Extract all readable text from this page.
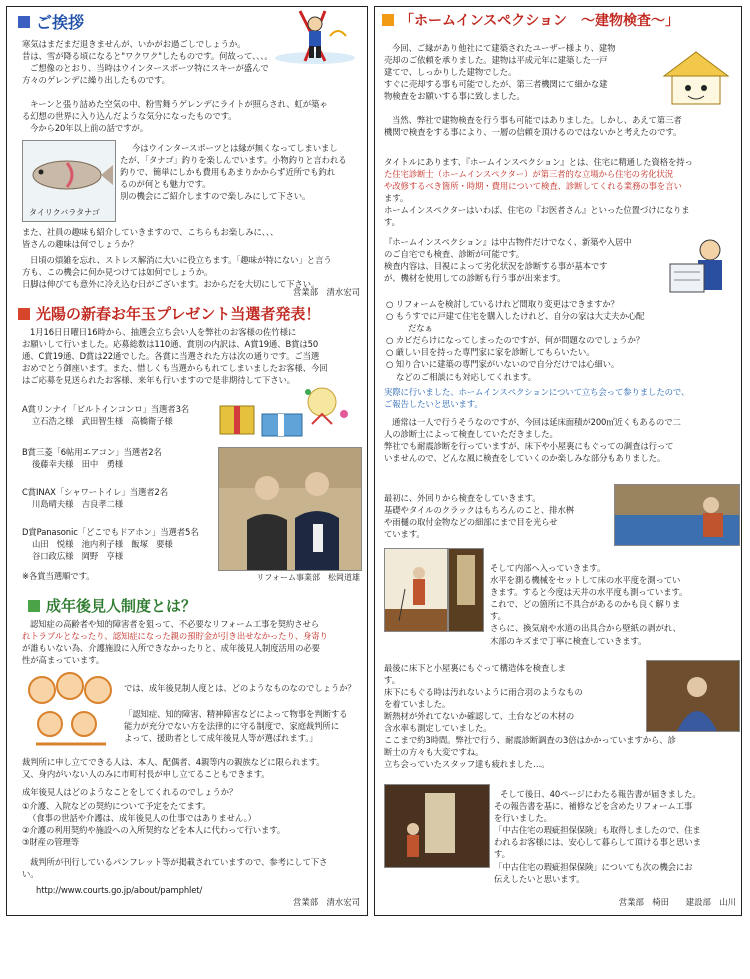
ご挨拶

寒気はまだまだ退きませんが、いかがお過ごしでしょうか。

昔は、雪が降る頃になると"ワクワク"したものです。何故って、、、。

ご想像のとおり、当時はウインタースポーツ特にスキーが盛んで

方々のゲレンデに繰り出したものです。

キーンと張り詰めた空気の中、粉雪舞うゲレンデにライトが照らされ、虹が築ゃ

る幻想の世界に入り込んだような気分になったものです。

今から20年以上前の話ですが。

タイリクバラタナゴ

今はウインタースポーツとは縁が無くなってしまいまし

たが、「タナゴ」釣りを楽しんでいます。小物釣りと言われる

釣りで、簡単にしかも費用もあまりかからず近所でも釣れ

るのが何とも魅力です。

別の機会にご紹介しますので楽しみにして下さい。

また、社員の趣味も紹介していきますので、こちらもお楽しみに、、、

皆さんの趣味は何でしょうか？

日頃の煩雑を忘れ、ストレス解消に大いに役立ちます。「趣味が特にない」と言う

方も、この機会に何か見つけては如何でしょうか。

日脚は伸びても意外に冷え込む日がございます。おからだを大切にして下さい。

営業部　清水宏司
光陽の新春お年玉プレゼント当選者発表！

1月16日日曜日16時から、抽選会立ち会い人を弊社のお客様の佐竹様に

お願いして行いました。応募総数は110通、賞別の内訳は、A賞19通、B賞は50

通、C賞19通、D賞は22通でした。各賞に当選された方は次の通りです。ご当選

おめでとう御座います。また、惜しくも当選からもれてしまいましたお客様、今回

はご応募を見送られたお客様、来年も行いますので是非期待して下さい。

A賞リンナイ「ビルトインコンロ」当選者3名

立石浩之様　武田智生様　高橋衛子様

B賞三菱「6帖用エアコン」当選者2名

後藤幸夫様　田中　勇様

C賞INAX「シャワートイレ」当選者2名

川島晴夫様　吉良孝二様

D賞Panasonic「どこでもドアホン」当選者5名

山田　悦様　池内利子様　飯塚　要様

谷口政広様　岡野　亨様

※各賞当選順です。	リフォーム事業部　松岡道雄
成年後見人制度とは？

認知症の高齢者や知的障害者を狙って、不必要なリフォーム工事を契約させら

れトラブルとなったり、認知症になった親の預貯金が引き出せなかったり、身寄り

が誰もいない為、介護施設に入所できなかったりと、成年後見人制度活用の必要

性が高まっています。

では、成年後見制人度とは、どのようなものなのでしょうか？

「認知症、知的障害、精神障害などによって物事を判断する

能力が充分でない方を法律的に守る制度で、家庭裁判所に

よって、援助者として成年後見人等が選ばれます。」

裁判所に申し立てできる人は、本人、配偶者、4親等内の親族などに限られます。

又、身内がいない人のみに市町村長が申し立てることもできます。

成年後見人はどのようなことをしてくれるのでしょうか？

①介護、入院などの契約について予定をたてます。

（食事の世話や介護は、成年後見人の仕事ではありません。）

②介護の利用契約や施設への入所契約などを本人に代わって行います。

③財産の管理等

裁判所が刊行しているパンフレット等が掲載されていますので、参考にして下さ

い。

http://www.courts.go.jp/about/pamphlet/
営業部　清水宏司
「ホームインスペクション　～建物検査～」

今回、ご縁があり他社にて建築されたユーザー様より、建物

売却のご依頼を承りました。建物は平成元年に建築した一戸

建てで、しっかりした建物でした。

すぐに売却する事も可能でしたが、第三者機関にて細かな建

物検査をお願いする事に致しました。

当然、弊社で建物検査を行う事も可能ではありました。しかし、あえて第三者

機関で検査をする事により、一層の信頼を頂けるのではないかと考えたのです。

タイトルにあります、『ホームインスペクション』とは、住宅に精通した資格を持っ

た住宅診断士（ホームインスペクター）が第三者的な立場から住宅の劣化状況

や改修するべき箇所・時期・費用について検査、診断してくれる業務の事を言い

ます。

ホームインスペクターはいわば、住宅の『お医者さん』といった位置づけになりま

す。

『ホームインスペクション』は中古物件だけでなく、新築や入居中

のご自宅でも検査、診断が可能です。

検査内容は、目視によって劣化状況を診断する事が基本です

が、機材を使用しての診断も行う事が出来ます。

○ リフォームを検討しているけれど間取り変更はできますか？

○ もうすでに戸建て住宅を購入したけれど、自分の家は大丈夫か心配

だなぁ

○ カビだらけになってしまったのですが、何が問題なのでしょうか？

○ 厳しい目を持った専門家に家を診断してもらいたい。

○ 知り合いに建築の専門家がいないので自分だけでは心細い。

などのご相談にも対応してくれます。

実際に行いました、ホームインスペクションについて立ち会って参りましたので、

ご報告したいと思います。

通常は一人で行うそうなのですが、今回は延床面積が200㎡近くもあるので二

人の診断士によって検査していただきました。

弊社でも耐震診断を行っていますが、床下や小屋裏にもぐっての調査は行って

いませんので、どんな風に検査をしていくのか楽しみな部分もありました。

最初に、外回りから検査をしていきます。

基礎やタイルのクラックはもちろんのこと、排水桝

や雨樋の取付金物などの細部にまで目を光らせ

ています。

そして内部へ入っていきます。

水平を測る機械をセットして床の水平度を測ってい

きます。すると今度は天井の水平度も測っています。

これで、どの箇所に不具合があるのかも良く解りま

す。

さらに、換気扇や水道の出具合から壁紙の剥がれ、

木部のキズまで丁寧に検査していきます。

最後に床下と小屋裏にもぐって構造体を検査しま

す。

床下にもぐる時は汚れないように雨合羽のようなもの

を着ていました。

断熱材が外れてないか確認して、土台などの木材の

含水率も測定していました。

ここまで約3時間。弊社で行う、耐震診断調査の3倍はかかっていますから、診

断士の方々も大変ですね。

立ち会っていたスタッフ達も疲れました…。

そして後日、40ページにわたる報告書が届きました。

その報告書を基に、補修などを含めたリフォーム工事

を行いました。

「中古住宅の瑕疵担保保険」も取得しましたので、住ま

われるお客様には、安心して暮らして頂ける事と思いま

す。

「中古住宅の瑕疵担保保険」についても次の機会にお

伝えしたいと思います。

営業部　椅田　　建設部　山川
